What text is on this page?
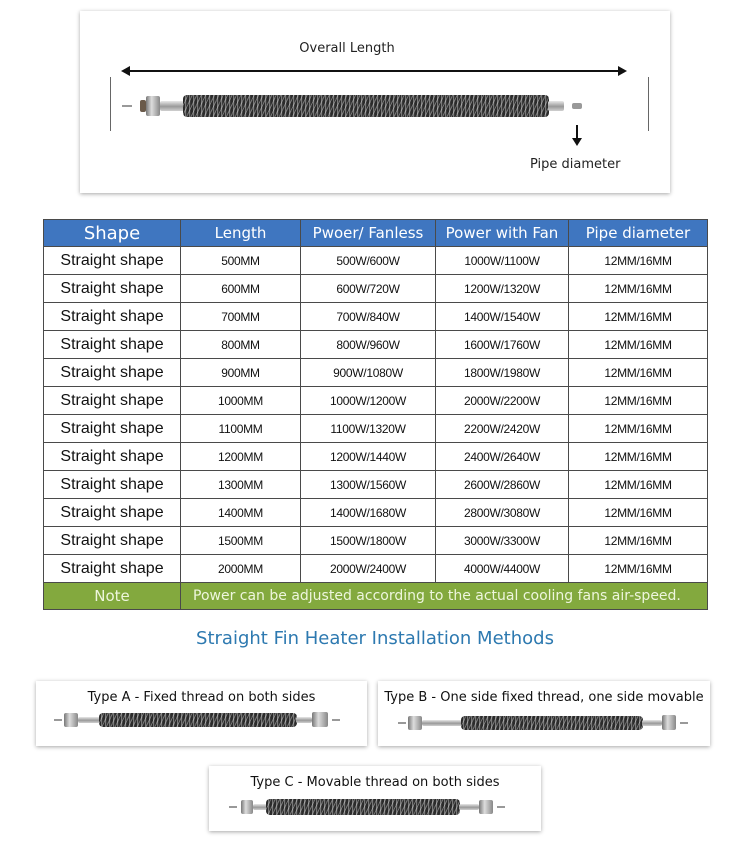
Overall Length
Pipe diameter
Shape	Length	Pwoer/ Fanless	Power with Fan	Pipe diameter
Straight shape	500MM	500W/600W	1000W/1100W	12MM/16MM
Straight shape	600MM	600W/720W	1200W/1320W	12MM/16MM
Straight shape	700MM	700W/840W	1400W/1540W	12MM/16MM
Straight shape	800MM	800W/960W	1600W/1760W	12MM/16MM
Straight shape	900MM	900W/1080W	1800W/1980W	12MM/16MM
Straight shape	1000MM	1000W/1200W	2000W/2200W	12MM/16MM
Straight shape	1100MM	1100W/1320W	2200W/2420W	12MM/16MM
Straight shape	1200MM	1200W/1440W	2400W/2640W	12MM/16MM
Straight shape	1300MM	1300W/1560W	2600W/2860W	12MM/16MM
Straight shape	1400MM	1400W/1680W	2800W/3080W	12MM/16MM
Straight shape	1500MM	1500W/1800W	3000W/3300W	12MM/16MM
Straight shape	2000MM	2000W/2400W	4000W/4400W	12MM/16MM
Note	Power can be adjusted according to the actual cooling fans air-speed.			
Straight Fin Heater Installation Methods
Type A - Fixed thread on both sides	Type B - One side fixed thread, one side movable
Type C - Movable thread on both sides
